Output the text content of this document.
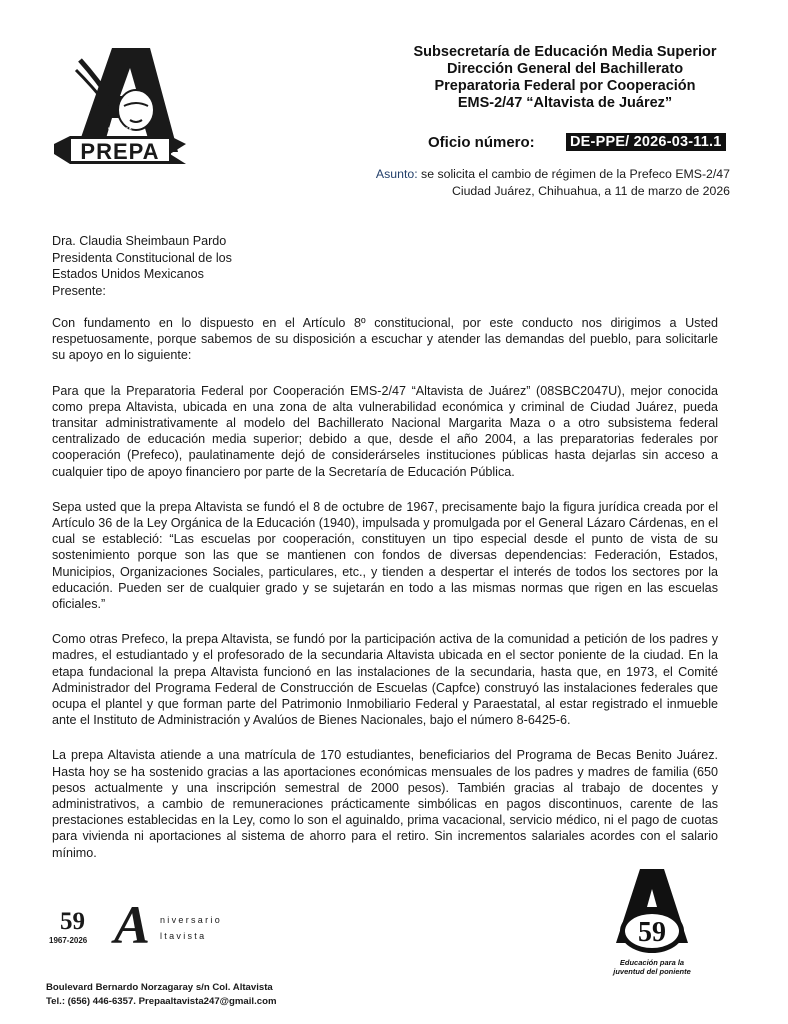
VISTA
PREPA
Subsecretaría de Educación Media Superior
Dirección General del Bachillerato
Preparatoria Federal por Cooperación
EMS-2/47 “Altavista de Juárez”
Oficio número: DE-PPE/ 2026-03-11.1
Asunto: se solicita el cambio de régimen de la Prefeco EMS-2/47
Ciudad Juárez, Chihuahua, a 11 de marzo de 2026
Dra. Claudia Sheimbaun Pardo
Presidenta Constitucional de los
Estados Unidos Mexicanos
Presente:

Con fundamento en lo dispuesto en el Artículo 8º constitucional, por este conducto nos dirigimos a Usted respetuosamente, porque sabemos de su disposición a escuchar y atender las demandas del pueblo, para solicitarle su apoyo en lo siguiente:

Para que la Preparatoria Federal por Cooperación EMS-2/47 “Altavista de Juárez” (08SBC2047U), mejor conocida como prepa Altavista, ubicada en una zona de alta vulnerabilidad económica y criminal de Ciudad Juárez, pueda transitar administrativamente al modelo del Bachillerato Nacional Margarita Maza o a otro subsistema federal centralizado de educación media superior; debido a que, desde el año 2004, a las preparatorias federales por cooperación (Prefeco), paulatinamente dejó de considerárseles instituciones públicas hasta dejarlas sin acceso a cualquier tipo de apoyo financiero por parte de la Secretaría de Educación Pública.

Sepa usted que la prepa Altavista se fundó el 8 de octubre de 1967, precisamente bajo la figura jurídica creada por el Artículo 36 de la Ley Orgánica de la Educación (1940), impulsada y promulgada por el General Lázaro Cárdenas, en el cual se estableció: “Las escuelas por cooperación, constituyen un tipo especial desde el punto de vista de su sostenimiento porque son las que se mantienen con fondos de diversas dependencias: Federación, Estados, Municipios, Organizaciones Sociales, particulares, etc., y tienden a despertar el interés de todos los sectores por la educación. Pueden ser de cualquier grado y se sujetarán en todo a las mismas normas que rigen en las escuelas oficiales.”

Como otras Prefeco, la prepa Altavista, se fundó por la participación activa de la comunidad a petición de los padres y madres, el estudiantado y el profesorado de la secundaria Altavista ubicada en el sector poniente de la ciudad. En la etapa fundacional la prepa Altavista funcionó en las instalaciones de la secundaria, hasta que, en 1973, el Comité Administrador del Programa Federal de Construcción de Escuelas (Capfce) construyó las instalaciones federales que ocupa el plantel y que forman parte del Patrimonio Inmobiliario Federal y Paraestatal, al estar registrado el inmueble ante el Instituto de Administración y Avalúos de Bienes Nacionales, bajo el número 8-6425-6.

La prepa Altavista atiende a una matrícula de 170 estudiantes, beneficiarios del Programa de Becas Benito Juárez. Hasta hoy se ha sostenido gracias a las aportaciones económicas mensuales de los padres y madres de familia (650 pesos actualmente y una inscripción semestral de 2000 pesos). También gracias al trabajo de docentes y administrativos, a cambio de remuneraciones prácticamente simbólicas en pagos discontinuos, carente de las prestaciones establecidas en la Ley, como lo son el aguinaldo, prima vacacional, servicio médico, ni el pago de cuotas para vivienda ni aportaciones al sistema de ahorro para el retiro. Sin incrementos salariales acordes con el salario mínimo.

59
1967-2026 A niversario
ltavista	59
Educación para la
juventud del poniente
Boulevard Bernardo Norzagaray s/n Col. Altavista
Tel.: (656) 446-6357. Prepaaltavista247@gmail.com
